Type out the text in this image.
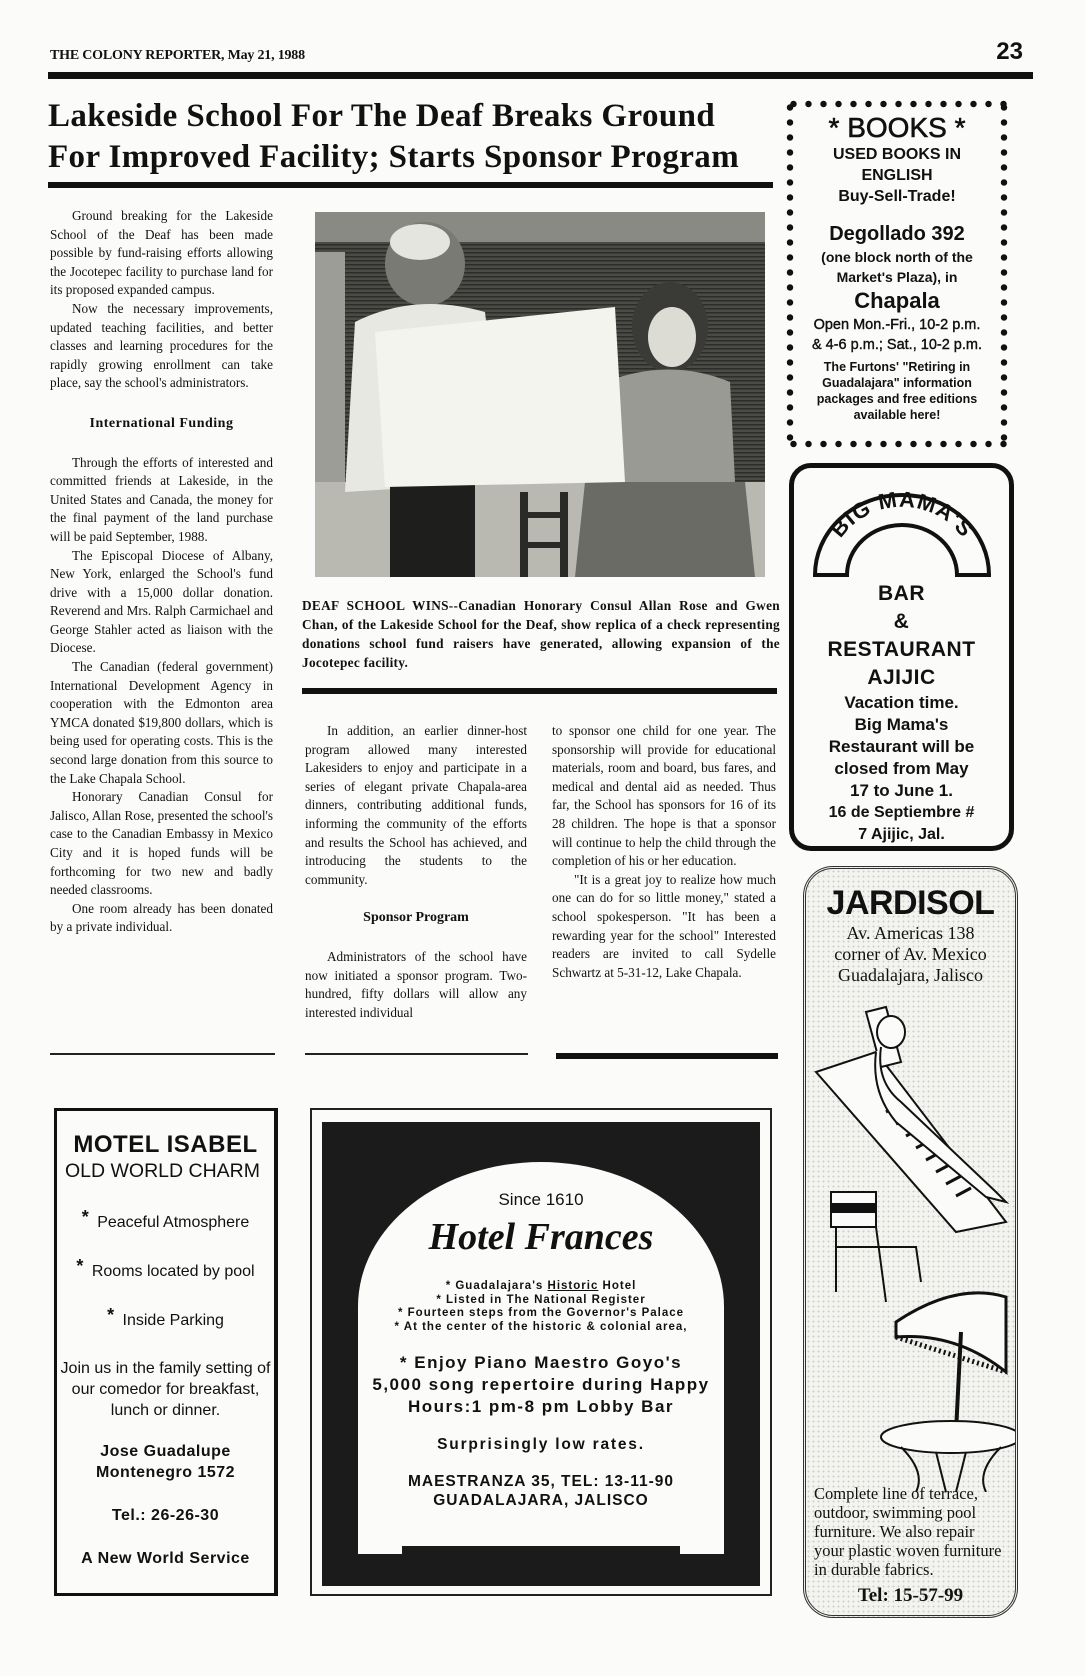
THE COLONY REPORTER, May 21, 1988	23
Lakeside School For The Deaf Breaks Ground For Improved Facility; Starts Sponsor Program

Ground breaking for the Lakeside School of the Deaf has been made possible by fund-raising efforts allowing the Jocotepec facility to purchase land for its proposed expanded campus.

Now the necessary improvements, updated teaching facilities, and better classes and learning procedures for the rapidly growing enrollment can take place, say the school's administrators.

International Funding

Through the efforts of interested and committed friends at Lakeside, in the United States and Canada, the money for the final payment of the land purchase will be paid September, 1988.

The Episcopal Diocese of Albany, New York, enlarged the School's fund drive with a 15,000 dollar donation. Reverend and Mrs. Ralph Carmichael and George Stahler acted as liaison with the Diocese.

The Canadian (federal government) International Development Agency in cooperation with the Edmonton area YMCA donated $19,800 dollars, which is being used for operating costs. This is the second large donation from this source to the Lake Chapala School.

Honorary Canadian Consul for Jalisco, Allan Rose, presented the school's case to the Canadian Embassy in Mexico City and it is hoped funds will be forthcoming for two new and badly needed classrooms.

One room already has been donated by a private individual.

DEAF SCHOOL WINS--Canadian Honorary Consul Allan Rose and Gwen Chan, of the Lakeside School for the Deaf, show replica of a check representing donations school fund raisers have generated, allowing expansion of the Jocotepec facility.

In addition, an earlier dinner-host program allowed many interested Lakesiders to enjoy and participate in a series of elegant private Chapala-area dinners, contributing additional funds, informing the community of the efforts and results the School has achieved, and introducing the students to the community.

Sponsor Program

Administrators of the school have now initiated a sponsor program. Two-hundred, fifty dollars will allow any interested individual

to sponsor one child for one year. The sponsorship will provide for educational materials, room and board, bus fares, and medical and dental aid as needed. Thus far, the School has sponsors for 16 of its 28 children. The hope is that a sponsor will continue to help the child through the completion of his or her education.

"It is a great joy to realize how much one can do for so little money," stated a school spokesperson. "It has been a rewarding year for the school" Interested readers are invited to call Sydelle Schwartz at 5-31-12, Lake Chapala.

* BOOKS *
USED BOOKS IN
ENGLISH
Buy-Sell-Trade!
Degollado 392
(one block north of the
Market's Plaza), in
Chapala
Open Mon.-Fri., 10-2 p.m.
& 4-6 p.m.; Sat., 10-2 p.m.
The Furtons' "Retiring in Guadalajara" information packages and free editions available here!
BIG MAMA'S
BAR
&
RESTAURANT
AJIJIC
Vacation time.
Big Mama's
Restaurant will be
closed from May
17 to June 1.
16 de Septiembre #
7 Ajijic, Jal.
JARDISOL
Av. Americas 138
corner of Av. Mexico
Guadalajara, Jalisco
Complete line of terrace, outdoor, swimming pool furniture. We also repair your plastic woven furniture in durable fabrics.
Tel: 15-57-99
MOTEL ISABEL
OLD WORLD CHARM
* Peaceful Atmosphere
* Rooms located by pool
* Inside Parking
Join us in the family setting of our comedor for breakfast, lunch or dinner.
Jose Guadalupe
Montenegro 1572
Tel.: 26-26-30
A New World Service
Since 1610
Hotel Frances
* Guadalajara's Historic Hotel
* Listed in The National Register
* Fourteen steps from the Governor's Palace
* At the center of the historic & colonial area,
* Enjoy Piano Maestro Goyo's 5,000 song repertoire during Happy Hours:1 pm-8 pm Lobby Bar
Surprisingly low rates.
MAESTRANZA 35, TEL: 13-11-90
GUADALAJARA, JALISCO
